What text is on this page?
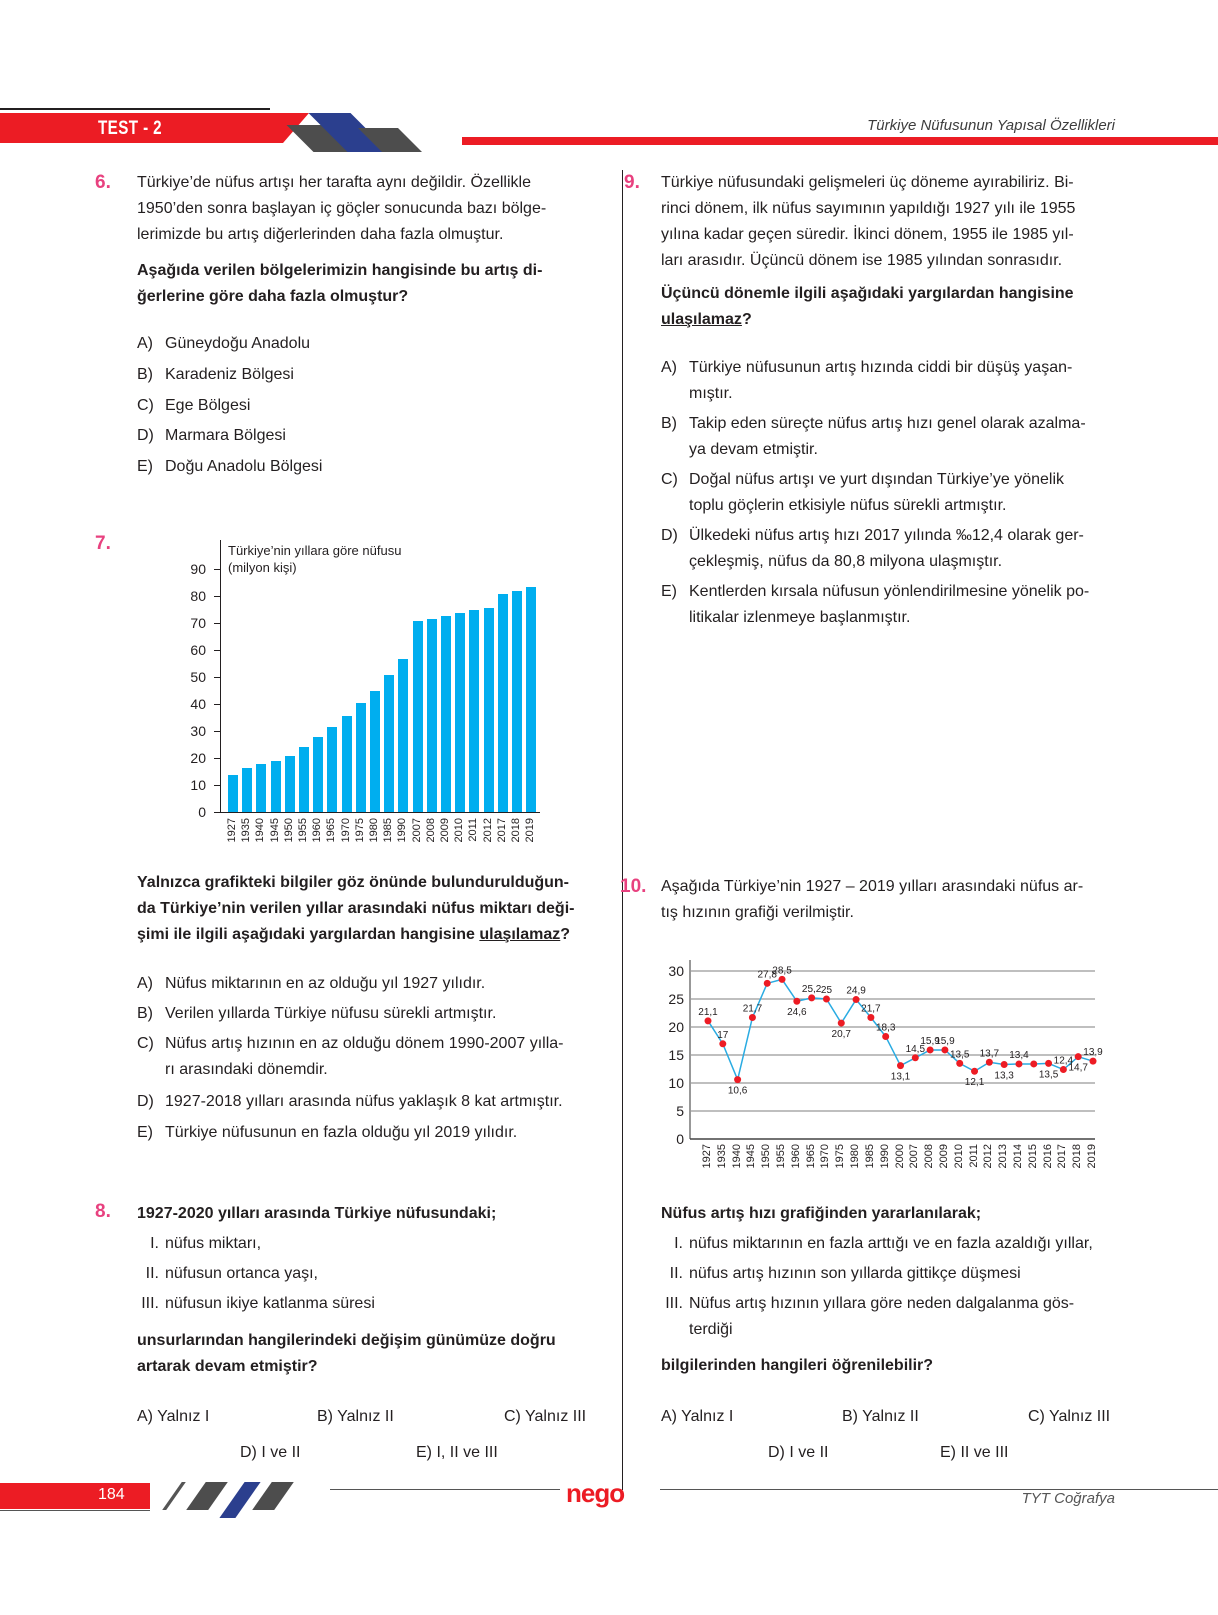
TEST - 2	Türkiye Nüfusunun Yapısal Özellikleri
6. Türkiye’de nüfus artışı her tarafta aynı değildir. Özellikle
1950’den sonra başlayan iç göçler sonucunda bazı bölge-
lerimizde bu artış diğerlerinden daha fazla olmuştur.
Aşağıda verilen bölgelerimizin hangisinde bu artış di-
ğerlerine göre daha fazla olmuştur?
A) Güneydoğu Anadolu
B) Karadeniz Bölgesi
C) Ege Bölgesi
D) Marmara Bölgesi
E) Doğu Anadolu Bölgesi
7.	Türkiye’nin yıllara göre nüfusu
(milyon kişi)
0
10
20
30
40
50
60
70
80
90
1927 1935 1940 1945 1950 1955 1960 1965 1970 1975 1980 1985 1990 2007 2008 2009 2010 2011 2012 2017 2018 2019
Yalnızca grafikteki bilgiler göz önünde bulundurulduğun-
da Türkiye’nin verilen yıllar arasındaki nüfus miktarı deği-
şimi ile ilgili aşağıdaki yargılardan hangisine ulaşılamaz?
A) Nüfus miktarının en az olduğu yıl 1927 yılıdır.
B) Verilen yıllarda Türkiye nüfusu sürekli artmıştır.
C) Nüfus artış hızının en az olduğu dönem 1990-2007 yılla-
rı arasındaki dönemdir.
D) 1927-2018 yılları arasında nüfus yaklaşık 8 kat artmıştır.
E) Türkiye nüfusunun en fazla olduğu yıl 2019 yılıdır.
8. 1927-2020 yılları arasında Türkiye nüfusundaki;
I. nüfus miktarı,
II. nüfusun ortanca yaşı,
III. nüfusun ikiye katlanma süresi
unsurlarından hangilerindeki değişim günümüze doğru
artarak devam etmiştir?
A) Yalnız I	B) Yalnız II	C) Yalnız III
D) I ve II	E) I, II ve III
9. Türkiye nüfusundaki gelişmeleri üç döneme ayırabiliriz. Bi-
rinci dönem, ilk nüfus sayımının yapıldığı 1927 yılı ile 1955
yılına kadar geçen süredir. İkinci dönem, 1955 ile 1985 yıl-
ları arasıdır. Üçüncü dönem ise 1985 yılından sonrasıdır.
Üçüncü dönemle ilgili aşağıdaki yargılardan hangisine
ulaşılamaz?
A) Türkiye nüfusunun artış hızında ciddi bir düşüş yaşan-
mıştır.
B) Takip eden süreçte nüfus artış hızı genel olarak azalma-
ya devam etmiştir.
C) Doğal nüfus artışı ve yurt dışından Türkiye’ye yönelik
toplu göçlerin etkisiyle nüfus sürekli artmıştır.
D) Ülkedeki nüfus artış hızı 2017 yılında ‰12,4 olarak ger-
çekleşmiş, nüfus da 80,8 milyona ulaşmıştır.
E) Kentlerden kırsala nüfusun yönlendirilmesine yönelik po-
litikalar izlenmeye başlanmıştır.
10. Aşağıda Türkiye’nin 1927 – 2019 yılları arasındaki nüfus ar-
tış hızının grafiği verilmiştir.
0
5
10
15
20
25
30
21,1
17
10,6
21,7
27,8
28,5
24,6
25,2 25
20,7
24,9
21,7
18,3
13,1
14,5
15,9
15,9
13,5
12,1
13,7
13,3
13,4
13,5
12,4
14,7
13,9
1927 1935 1940 1945 1950 1955 1960 1965 1970 1975 1980 1985 1990 2000 2007 2008 2009 2010 2011 2012 2013 2014 2015 2016 2017 2018 2019
Nüfus artış hızı grafiğinden yararlanılarak;
I. nüfus miktarının en fazla arttığı ve en fazla azaldığı yıllar,
II. nüfus artış hızının son yıllarda gittikçe düşmesi
III. Nüfus artış hızının yıllara göre neden dalgalanma gös-
terdiği
bilgilerinden hangileri öğrenilebilir?
A) Yalnız I	B) Yalnız II	C) Yalnız III
D) I ve II	E) II ve III
184	nego	TYT Coğrafya
